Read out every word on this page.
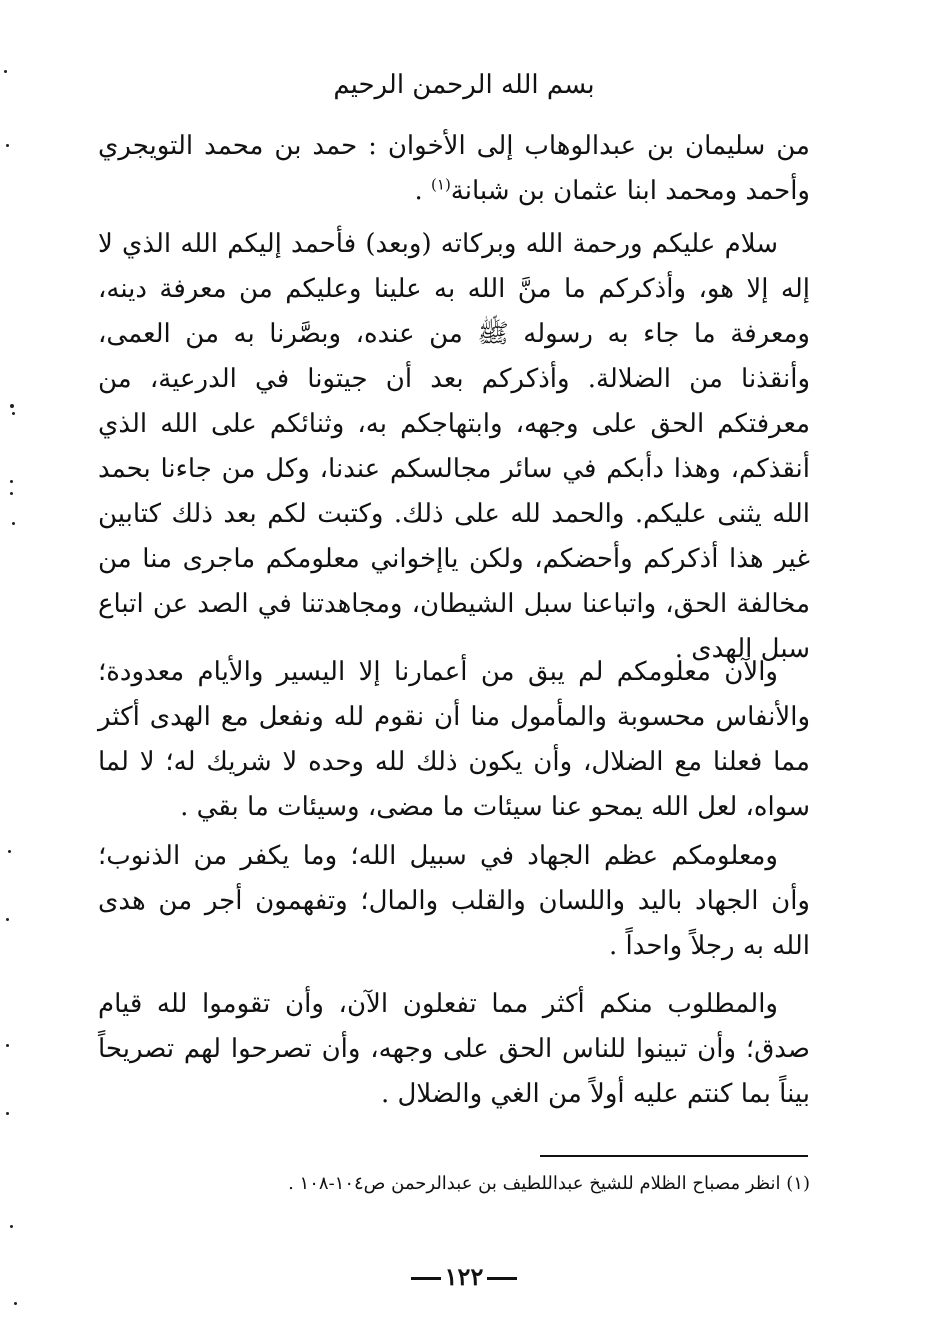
بسم الله الرحمن الرحيم

من سليمان بن عبدالوهاب إلى الأخوان : حمد بن محمد التويجري وأحمد ومحمد ابنا عثمان بن شبانة$^{(١)}$ .

سلام عليكم ورحمة الله وبركاته (وبعد) فأحمد إليكم الله الذي لا إله إلا هو، وأذكركم ما منَّ الله به علينا وعليكم من معرفة دينه، ومعرفة ما جاء به رسوله ﷺ من عنده، وبصَّرنا به من العمى، وأنقذنا من الضلالة. وأذكركم بعد أن جيتونا في الدرعية، من معرفتكم الحق على وجهه، وابتهاجكم به، وثنائكم على الله الذي أنقذكم، وهذا دأبكم في سائر مجالسكم عندنا، وكل من جاءنا بحمد الله يثنى عليكم. والحمد لله على ذلك. وكتبت لكم بعد ذلك كتابين غير هذا أذكركم وأحضكم، ولكن ياإخواني معلومكم ماجرى منا من مخالفة الحق، واتباعنا سبل الشيطان، ومجاهدتنا في الصد عن اتباع سبل الهدى .

والآن معلومكم لم يبق من أعمارنا إلا اليسير والأيام معدودة؛ والأنفاس محسوبة والمأمول منا أن نقوم لله ونفعل مع الهدى أكثر مما فعلنا مع الضلال، وأن يكون ذلك لله وحده لا شريك له؛ لا لما سواه، لعل الله يمحو عنا سيئات ما مضى، وسيئات ما بقي .

ومعلومكم عظم الجهاد في سبيل الله؛ وما يكفر من الذنوب؛ وأن الجهاد باليد واللسان والقلب والمال؛ وتفهمون أجر من هدى الله به رجلاً واحداً .

والمطلوب منكم أكثر مما تفعلون الآن، وأن تقوموا لله قيام صدق؛ وأن تبينوا للناس الحق على وجهه، وأن تصرحوا لهم تصريحاً بيناً بما كنتم عليه أولاً من الغي والضلال .

(١) انظر مصباح الظلام للشيخ عبداللطيف بن عبدالرحمن ص١٠٤-١٠٨ .
١٢٢
